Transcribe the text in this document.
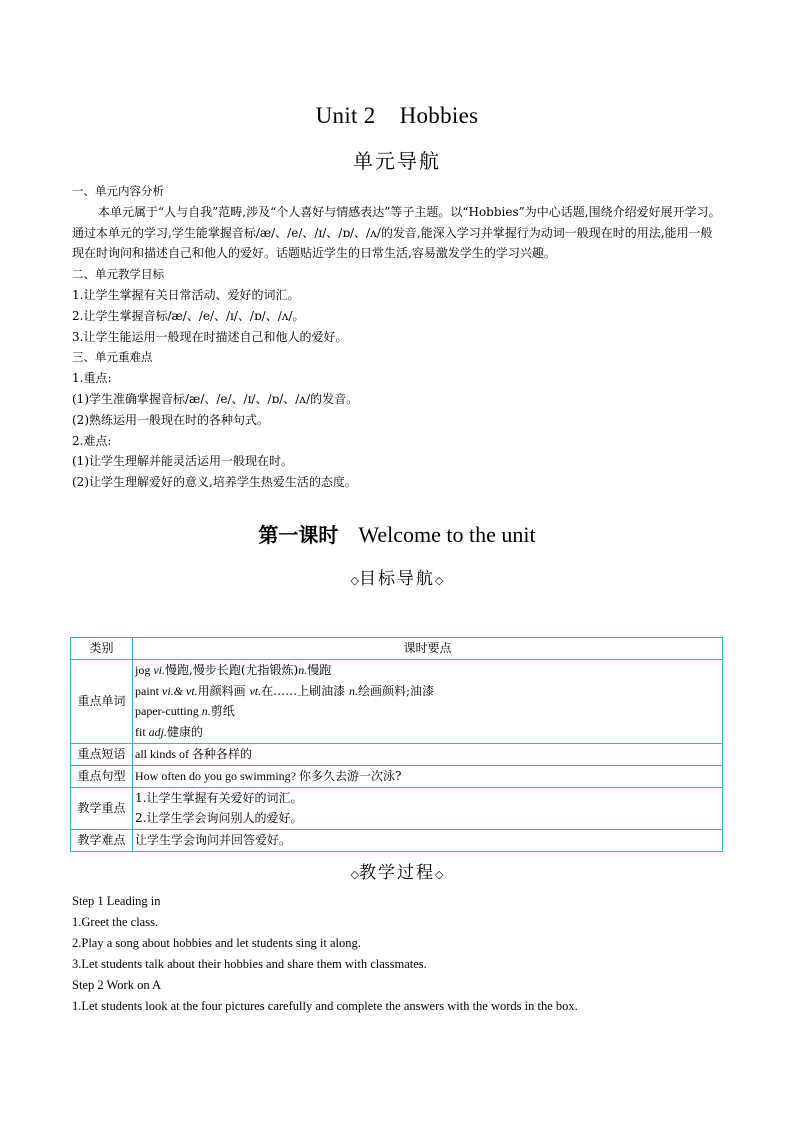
Unit 2 Hobbies
单元导航

一、单元内容分析

本单元属于“人与自我”范畴,涉及“个人喜好与情感表达”等子主题。以“Hobbies”为中心话题,围绕介绍爱好展开学习。 通过本单元的学习,学生能掌握音标/æ/、/e/、/ɪ/、/ɒ/、/ʌ/的发音,能深入学习并掌握行为动词一般现在时的用法,能用一般现在时询问和描述自己和他人的爱好。话题贴近学生的日常生活,容易激发学生的学习兴趣。

二、单元教学目标

1.让学生掌握有关日常活动、爱好的词汇。

2.让学生掌握音标/æ/、/e/、/ɪ/、/ɒ/、/ʌ/。

3.让学生能运用一般现在时描述自己和他人的爱好。

三、单元重难点

1.重点:

(1)学生准确掌握音标/æ/、/e/、/ɪ/、/ɒ/、/ʌ/的发音。

(2)熟练运用一般现在时的各种句式。

2.难点:

(1)让学生理解并能灵活运用一般现在时。

(2)让学生理解爱好的意义,培养学生热爱生活的态度。

第一课时 Welcome to the unit
◇目标导航◇
类别	课时要点
重点单词	jog vi.慢跑,慢步长跑(尤指锻炼)n.慢跑
paint vi.& vt.用颜料画 vt.在……上刷油漆 n.绘画颜料;油漆
paper-cutting n.剪纸
fit adj.健康的

重点短语	all kinds of 各种各样的
重点句型	How often do you go swimming? 你多久去游一次泳?
教学重点	1.让学生掌握有关爱好的词汇。
2.让学生学会询问别人的爱好。

教学难点	让学生学会询问并回答爱好。
◇教学过程◇

Step 1 Leading in

1.Greet the class.

2.Play a song about hobbies and let students sing it along.

3.Let students talk about their hobbies and share them with classmates.

Step 2 Work on A

1.Let students look at the four pictures carefully and complete the answers with the words in the box.
